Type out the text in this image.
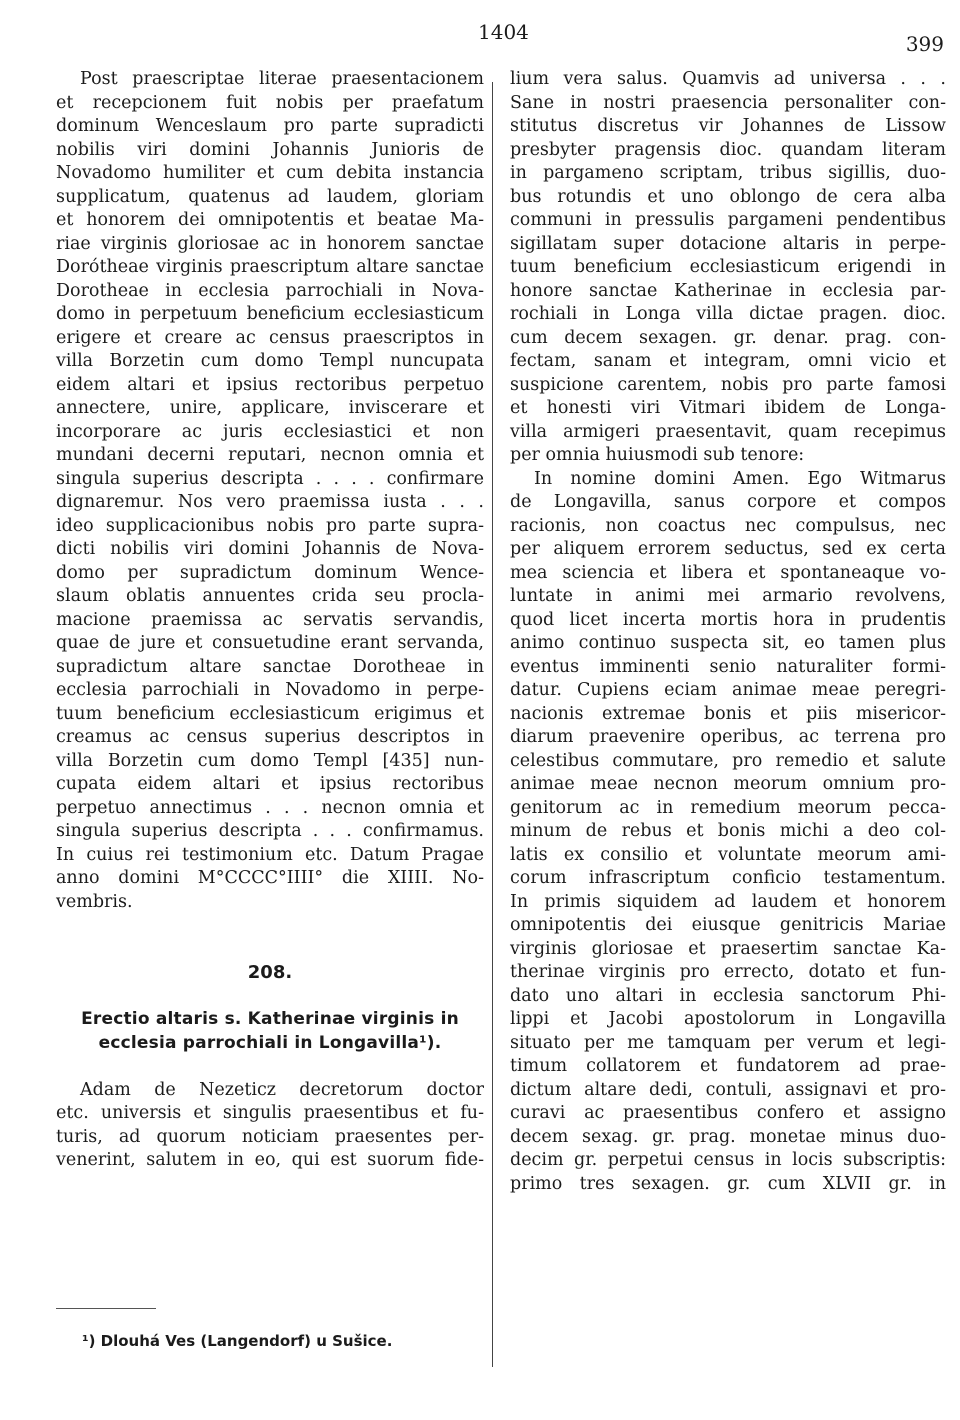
1404	399
Post praescriptae literae praesentacionem
et recepcionem fuit nobis per praefatum
dominum Wenceslaum pro parte supradicti
nobilis viri domini Johannis Junioris de
Novadomo humiliter et cum debita instancia
supplicatum, quatenus ad laudem, gloriam
et honorem dei omnipotentis et beatae Ma-
riae virginis gloriosae ac in honorem sanctae
Dorótheae virginis praescriptum altare sanctae
Dorotheae in ecclesia parrochiali in Nova-
domo in perpetuum beneficium ecclesiasticum
erigere et creare ac census praescriptos in
villa Borzetin cum domo Templ nuncupata
eidem altari et ipsius rectoribus perpetuo
annectere, unire, applicare, inviscerare et
incorporare ac juris ecclesiastici et non
mundani decerni reputari, necnon omnia et
singula superius descripta . . . . confirmare
dignaremur. Nos vero praemissa iusta . . .
ideo supplicacionibus nobis pro parte supra-
dicti nobilis viri domini Johannis de Nova-
domo per supradictum dominum Wence-
slaum oblatis annuentes crida seu procla-
macione praemissa ac servatis servandis,
quae de jure et consuetudine erant servanda,
supradictum altare sanctae Dorotheae in
ecclesia parrochiali in Novadomo in perpe-
tuum beneficium ecclesiasticum erigimus et
creamus ac census superius descriptos in
villa Borzetin cum domo Templ [435] nun-
cupata eidem altari et ipsius rectoribus
perpetuo annectimus . . . necnon omnia et
singula superius descripta . . . confirmamus.
In cuius rei testimonium etc. Datum Pragae
anno domini M°CCCC°IIII° die XIIII. No-
vembris.
208.
Erectio altaris s. Katherinae virginis in
ecclesia parrochiali in Longavilla¹).
Adam de Nezeticz decretorum doctor
etc. universis et singulis praesentibus et fu-
turis, ad quorum noticiam praesentes per-
venerint, salutem in eo, qui est suorum fide-
lium vera salus. Quamvis ad universa . . .
Sane in nostri praesencia personaliter con-
stitutus discretus vir Johannes de Lissow
presbyter pragensis dioc. quandam literam
in pargameno scriptam, tribus sigillis, duo-
bus rotundis et uno oblongo de cera alba
communi in pressulis pargameni pendentibus
sigillatam super dotacione altaris in perpe-
tuum beneficium ecclesiasticum erigendi in
honore sanctae Katherinae in ecclesia par-
rochiali in Longa villa dictae pragen. dioc.
cum decem sexagen. gr. denar. prag. con-
fectam, sanam et integram, omni vicio et
suspicione carentem, nobis pro parte famosi
et honesti viri Vitmari ibidem de Longa-
villa armigeri praesentavit, quam recepimus
per omnia huiusmodi sub tenore:
In nomine domini Amen. Ego Witmarus
de Longavilla, sanus corpore et compos
racionis, non coactus nec compulsus, nec
per aliquem errorem seductus, sed ex certa
mea sciencia et libera et spontaneaque vo-
luntate in animi mei armario revolvens,
quod licet incerta mortis hora in prudentis
animo continuo suspecta sit, eo tamen plus
eventus imminenti senio naturaliter formi-
datur. Cupiens eciam animae meae peregri-
nacionis extremae bonis et piis misericor-
diarum praevenire operibus, ac terrena pro
celestibus commutare, pro remedio et salute
animae meae necnon meorum omnium pro-
genitorum ac in remedium meorum pecca-
minum de rebus et bonis michi a deo col-
latis ex consilio et voluntate meorum ami-
corum infrascriptum conficio testamentum.
In primis siquidem ad laudem et honorem
omnipotentis dei eiusque genitricis Mariae
virginis gloriosae et praesertim sanctae Ka-
therinae virginis pro errecto, dotato et fun-
dato uno altari in ecclesia sanctorum Phi-
lippi et Jacobi apostolorum in Longavilla
situato per me tamquam per verum et legi-
timum collatorem et fundatorem ad prae-
dictum altare dedi, contuli, assignavi et pro-
curavi ac praesentibus confero et assigno
decem sexag. gr. prag. monetae minus duo-
decim gr. perpetui census in locis subscriptis:
primo tres sexagen. gr. cum XLVII gr. in
¹) Dlouhá Ves (Langendorf) u Sušice.
